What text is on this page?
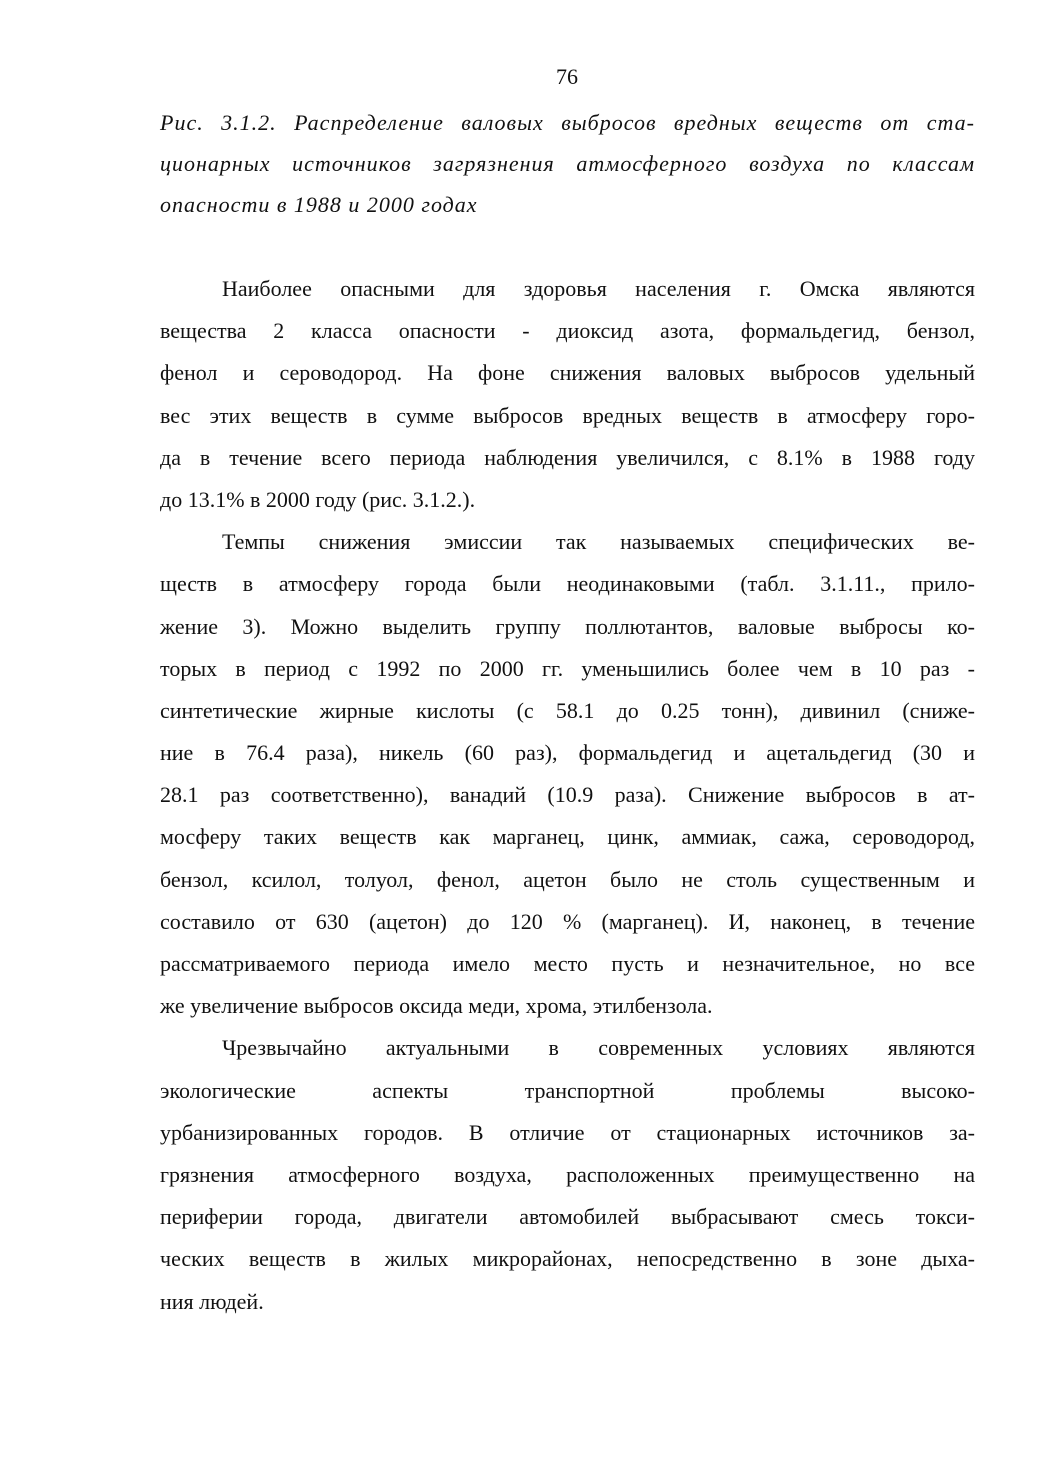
76
Рис. 3.1.2. Распределение валовых выбросов вредных веществ от ста-
ционарных источников загрязнения атмосферного воздуха по классам
опасности в 1988 и 2000 годах
Наиболее опасными для здоровья населения г. Омска являются
вещества 2 класса опасности - диоксид азота, формальдегид, бензол,
фенол и сероводород. На фоне снижения валовых выбросов удельный
вес этих веществ в сумме выбросов вредных веществ в атмосферу горо-
да в течение всего периода наблюдения увеличился, с 8.1% в 1988 году
до 13.1% в 2000 году (рис. 3.1.2.).
Темпы снижения эмиссии так называемых специфических ве-
ществ в атмосферу города были неодинаковыми (табл. 3.1.11., прило-
жение 3). Можно выделить группу поллютантов, валовые выбросы ко-
торых в период с 1992 по 2000 гг. уменьшились более чем в 10 раз -
синтетические жирные кислоты (с 58.1 до 0.25 тонн), дивинил (сниже-
ние в 76.4 раза), никель (60 раз), формальдегид и ацетальдегид (30 и
28.1 раз соответственно), ванадий (10.9 раза). Снижение выбросов в ат-
мосферу таких веществ как марганец, цинк, аммиак, сажа, сероводород,
бензол, ксилол, толуол, фенол, ацетон было не столь существенным и
составило от 630 (ацетон) до 120 % (марганец). И, наконец, в течение
рассматриваемого периода имело место пусть и незначительное, но все
же увеличение выбросов оксида меди, хрома, этилбензола.
Чрезвычайно актуальными в современных условиях являются
экологические аспекты транспортной проблемы высоко-
урбанизированных городов. В отличие от стационарных источников за-
грязнения атмосферного воздуха, расположенных преимущественно на
периферии города, двигатели автомобилей выбрасывают смесь токси-
ческих веществ в жилых микрорайонах, непосредственно в зоне дыха-
ния людей.
